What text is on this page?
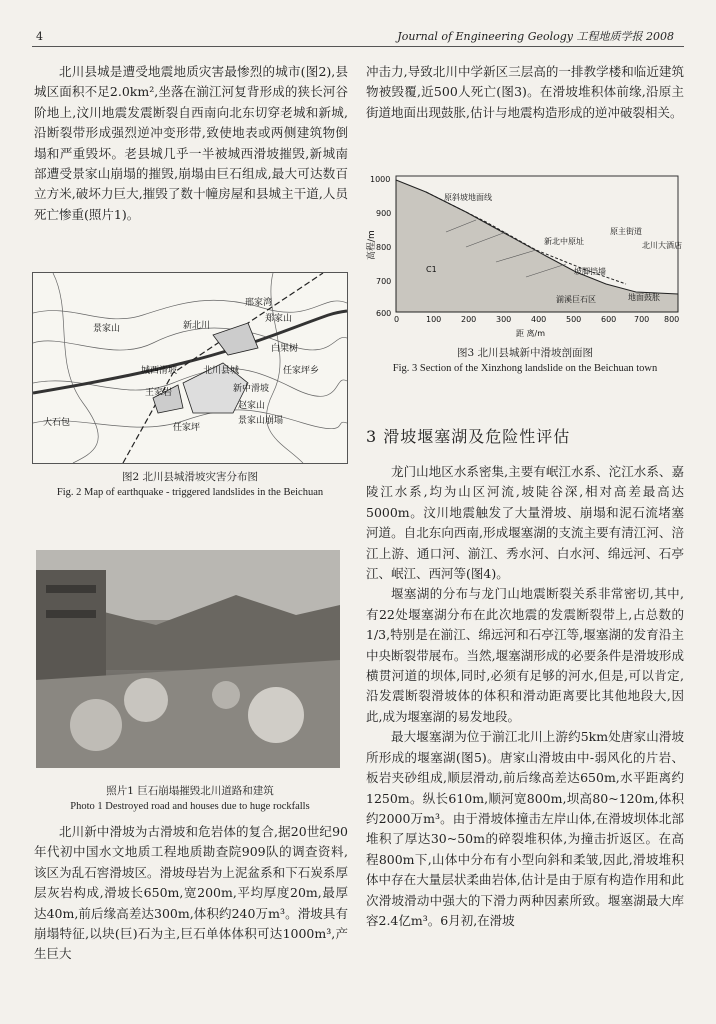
4	Journal of Engineering Geology 工程地质学报 2008

北川县城是遭受地震地质灾害最惨烈的城市(图2),县城区面积不足2.0km²,坐落在湔江河复背形成的狭长河谷阶地上,汶川地震发震断裂自西南向北东切穿老城和新城,沿断裂带形成强烈逆冲变形带,致使地表或两侧建筑物倒塌和严重毁坏。老县城几乎一半被城西滑坡摧毁,新城南部遭受景家山崩塌的摧毁,崩塌由巨石组成,最大可达数百立方米,破坏力巨大,摧毁了数十幢房屋和县城主干道,人员死亡惨重(照片1)。

新北川
郑家山
景家山
城西滑坡	北川县城
王家岩
任家坪
大石包
新中滑坡
赵家山
白果树
邢家湾
景家山崩塌
任家坪乡
图2 北川县城滑坡灾害分布图
Fig. 2 Map of earthquake - triggered landslides in the Beichuan
照片1 巨石崩塌摧毁北川道路和建筑
Photo 1 Destroyed road and houses due to huge rockfalls

北川新中滑坡为古滑坡和危岩体的复合,据20世纪90年代初中国水文地质工程地质勘查院909队的调查资料,该区为乱石窖滑坡区。滑坡母岩为上泥盆系和下石炭系厚层灰岩构成,滑坡长650m,宽200m,平均厚度20m,最厚达40m,前后缘高差达300m,体积约240万m³。滑坡具有崩塌特征,以块(巨)石为主,巨石单体体积可达1000m³,产生巨大

冲击力,导致北川中学新区三层高的一排教学楼和临近建筑物被毁覆,近500人死亡(图3)。在滑坡堆积体前缘,沿原主街道地面出现鼓胀,估计与地震构造形成的逆冲破裂相关。

高程/m
1000
900
800
700
600
0	100 200 300 400 500 600 700 800
距 离/m
原斜坡地面线
C1
新北中原址
原主街道
北川大酒店
坡脚挡墙
湔溪巨石区	地面鼓胀
图3 北川县城新中滑坡剖面图
Fig. 3 Section of the Xinzhong landslide on the Beichuan town
3 滑坡堰塞湖及危险性评估

龙门山地区水系密集,主要有岷江水系、沱江水系、嘉陵江水系,均为山区河流,坡陡谷深,相对高差最高达5000m。汶川地震触发了大量滑坡、崩塌和泥石流堵塞河道。自北东向西南,形成堰塞湖的支流主要有清江河、涪江上游、通口河、湔江、秀水河、白水河、绵远河、石亭江、岷江、西河等(图4)。

堰塞湖的分布与龙门山地震断裂关系非常密切,其中,有22处堰塞湖分布在此次地震的发震断裂带上,占总数的1/3,特别是在湔江、绵远河和石亭江等,堰塞湖的发育沿主中央断裂带展布。当然,堰塞湖形成的必要条件是滑坡形成横贯河道的坝体,同时,必须有足够的河水,但是,可以肯定,沿发震断裂滑坡体的体积和滑动距离要比其他地段大,因此,成为堰塞湖的易发地段。

最大堰塞湖为位于湔江北川上游约5km处唐家山滑坡所形成的堰塞湖(图5)。唐家山滑坡由中-弱风化的片岩、板岩夹砂组成,顺层滑动,前后缘高差达650m,水平距离约1250m。纵长610m,顺河宽800m,坝高80~120m,体积约2000万m³。由于滑坡体撞击左岸山体,在滑坡坝体北部堆积了厚达30~50m的碎裂堆积体,为撞击折返区。在高程800m下,山体中分布有小型向斜和柔皱,因此,滑坡堆积体中存在大量层状柔曲岩体,估计是由于原有构造作用和此次滑坡滑动中强大的下滑力两种因素所致。堰塞湖最大库容2.4亿m³。6月初,在滑坡
